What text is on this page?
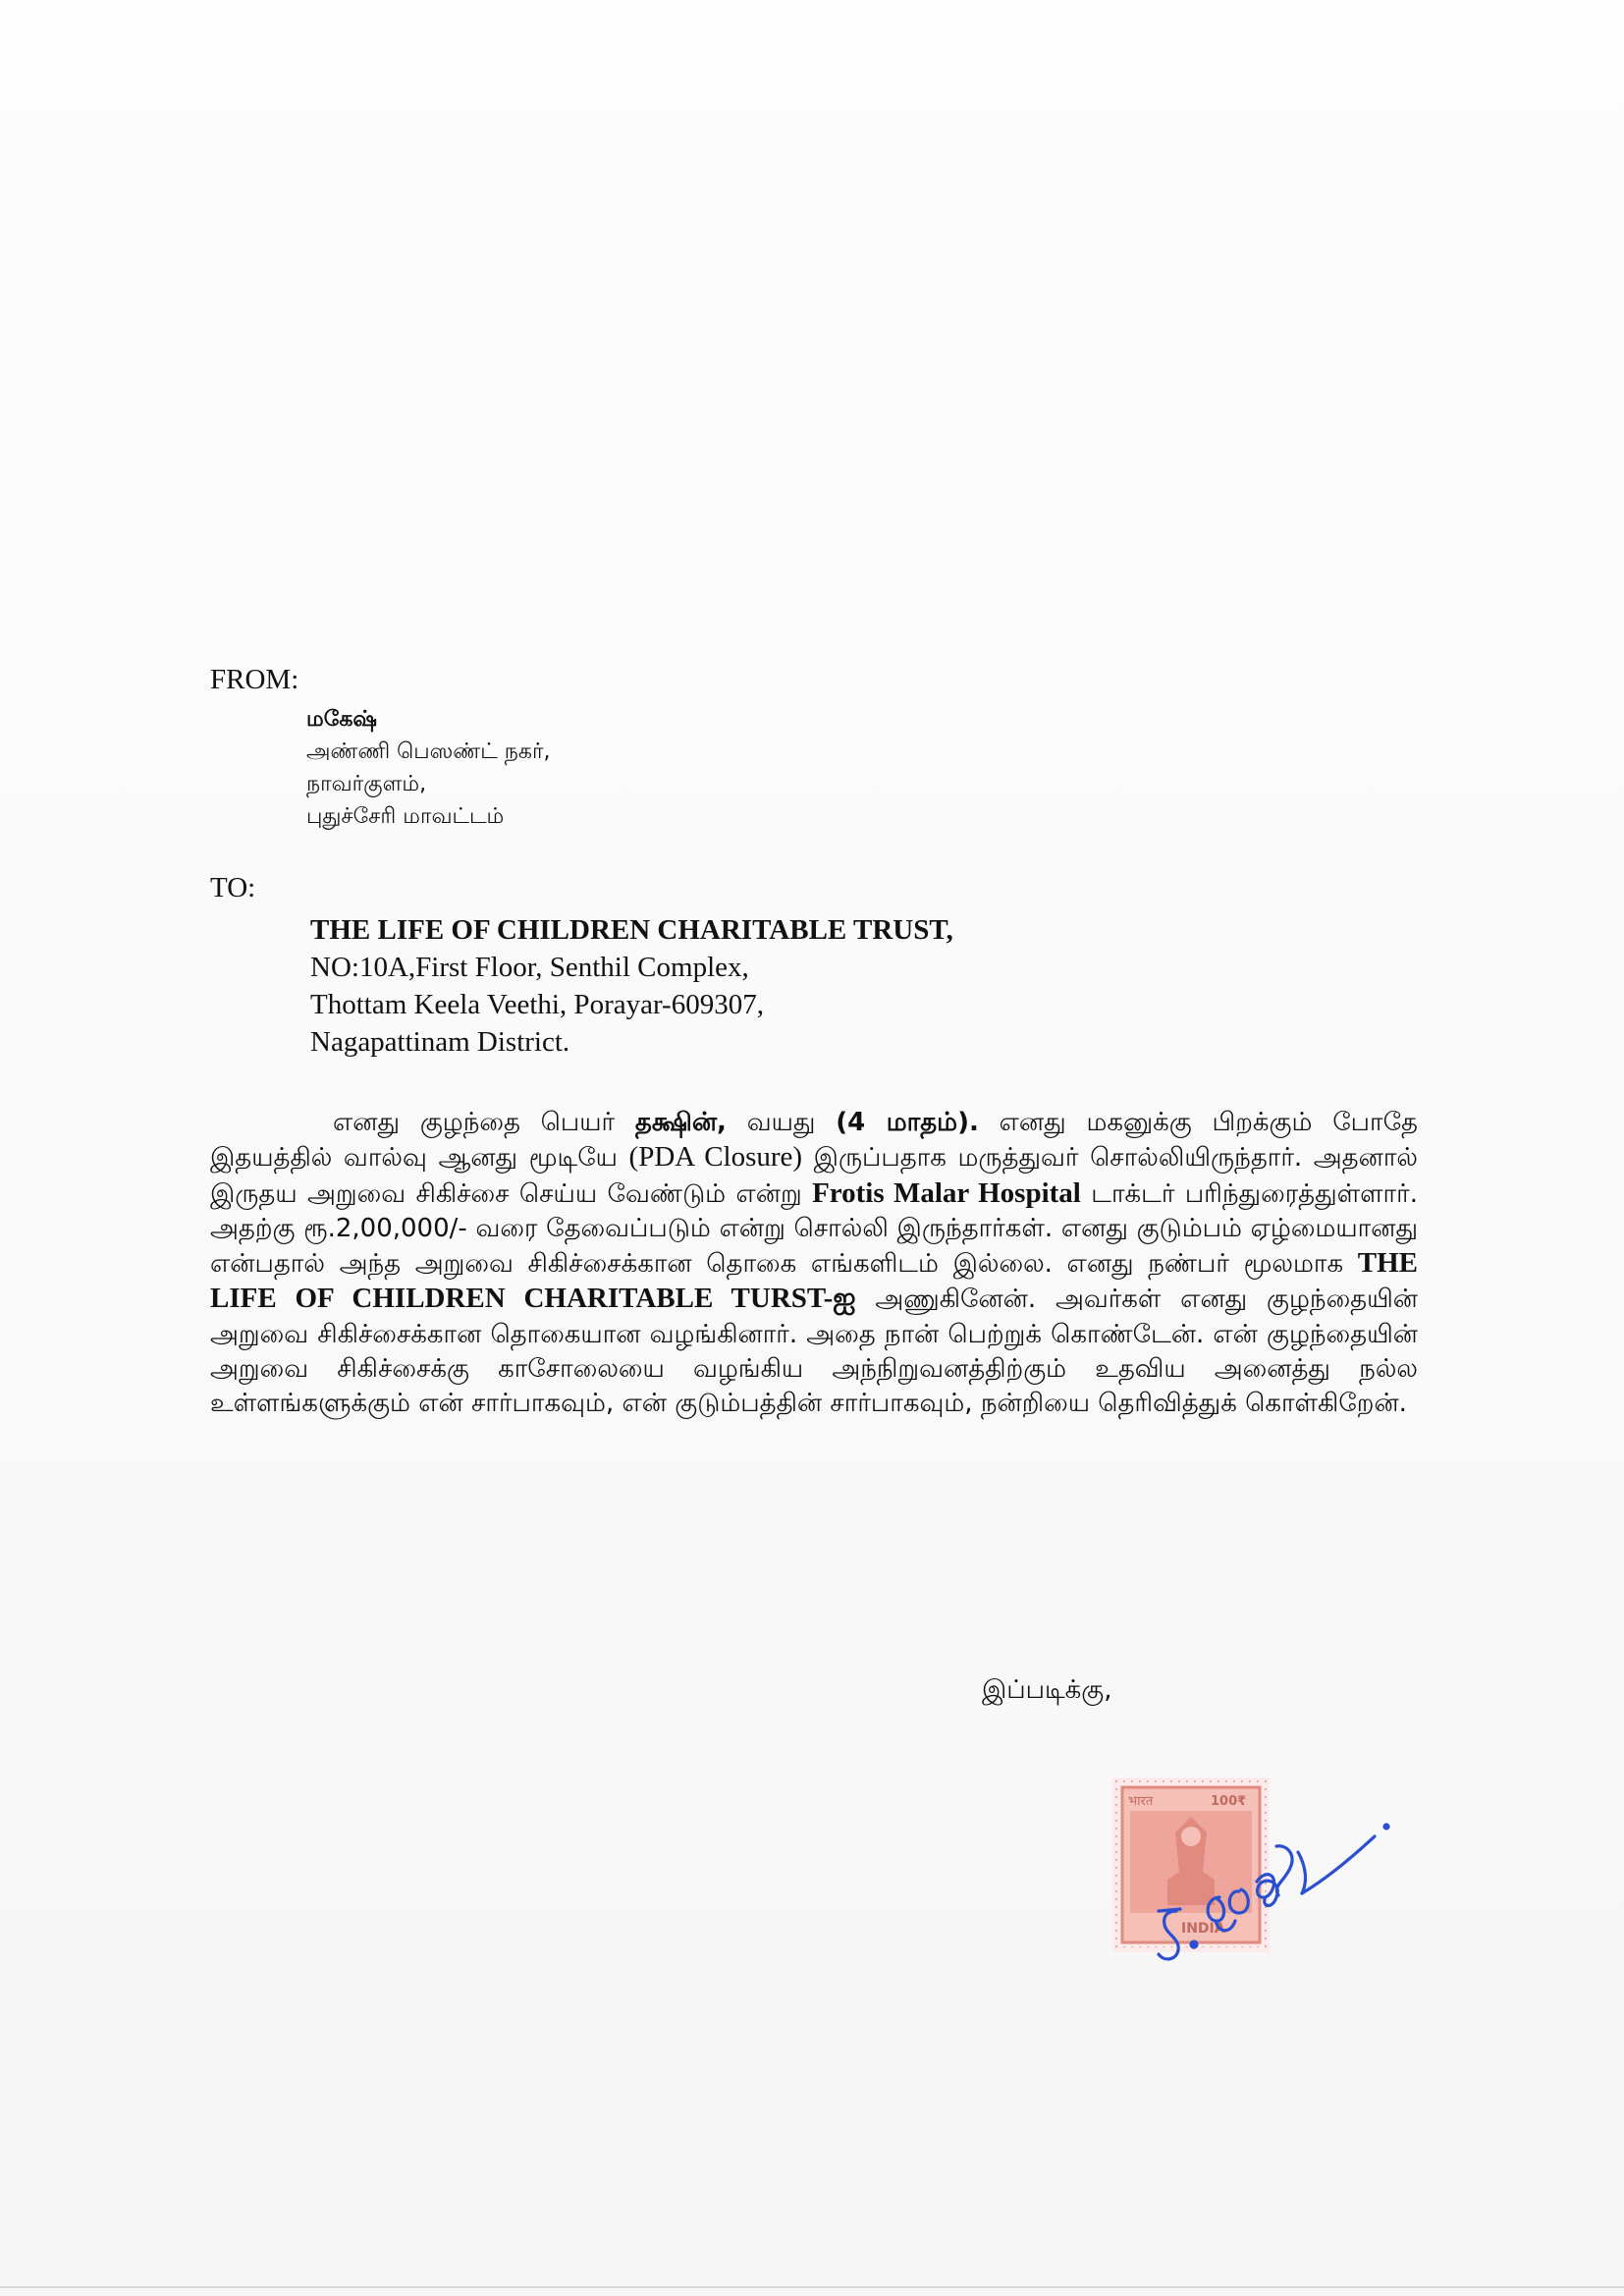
FROM:
மகேஷ்
அண்ணி பெஸண்ட் நகர்,
நாவர்குளம்,
புதுச்சேரி மாவட்டம்
TO:
THE LIFE OF CHILDREN CHARITABLE TRUST,
NO:10A,First Floor, Senthil Complex,
Thottam Keela Veethi, Porayar-609307,
Nagapattinam District.

எனது குழந்தை பெயர் தக்ஷின், வயது (4 மாதம்). எனது மகனுக்கு பிறக்கும் போதே இதயத்தில் வால்வு ஆனது மூடியே (PDA Closure) இருப்பதாக மருத்துவர் சொல்லியிருந்தார். அதனால் இருதய அறுவை சிகிச்சை செய்ய வேண்டும் என்று Frotis Malar Hospital டாக்டர் பரிந்துரைத்துள்ளார். அதற்கு ரூ.2,00,000/- வரை தேவைப்படும் என்று சொல்லி இருந்தார்கள். எனது குடும்பம் ஏழ்மையானது என்பதால் அந்த அறுவை சிகிச்சைக்கான தொகை எங்களிடம் இல்லை. எனது நண்பர் மூலமாக THE LIFE OF CHILDREN CHARITABLE TURST-ஐ அணுகினேன். அவர்கள் எனது குழந்தையின் அறுவை சிகிச்சைக்கான தொகையான வழங்கினார். அதை நான் பெற்றுக் கொண்டேன். என் குழந்தையின் அறுவை சிகிச்சைக்கு காசோலையை வழங்கிய அந்நிறுவனத்திற்கும் உதவிய அனைத்து நல்ல உள்ளங்களுக்கும் என் சார்பாகவும், என் குடும்பத்தின் சார்பாகவும், நன்றியை தெரிவித்துக் கொள்கிறேன்.

இப்படிக்கு,
भारत	100₹
INDIA
